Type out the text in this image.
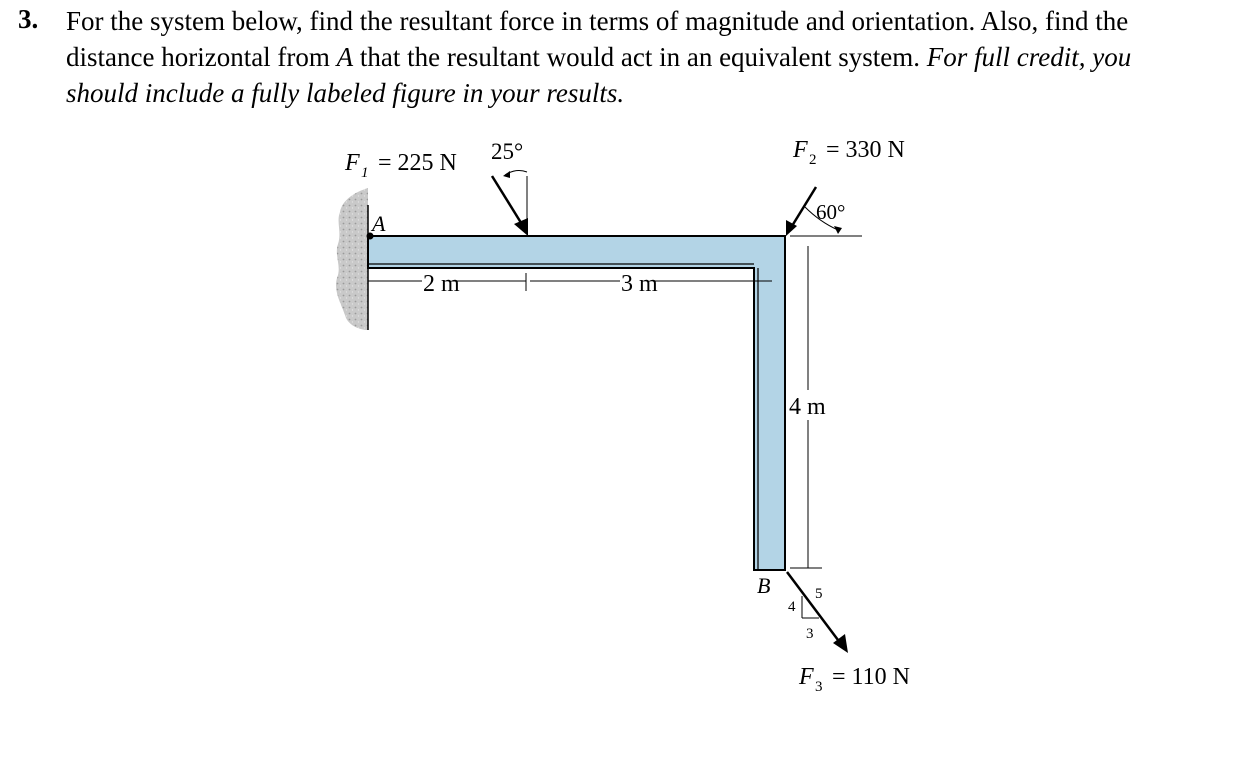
3. For the system below, find the resultant force in terms of magnitude and orientation. Also, find the
distance horizontal from A that the resultant would act in an equivalent system. For full credit, you
should include a fully labeled figure in your results.
A
2 m	3 m
4 m
25°
F 1 = 225 N
60°
F 2 = 330 N
B
4
5
3
F 3 = 110 N
